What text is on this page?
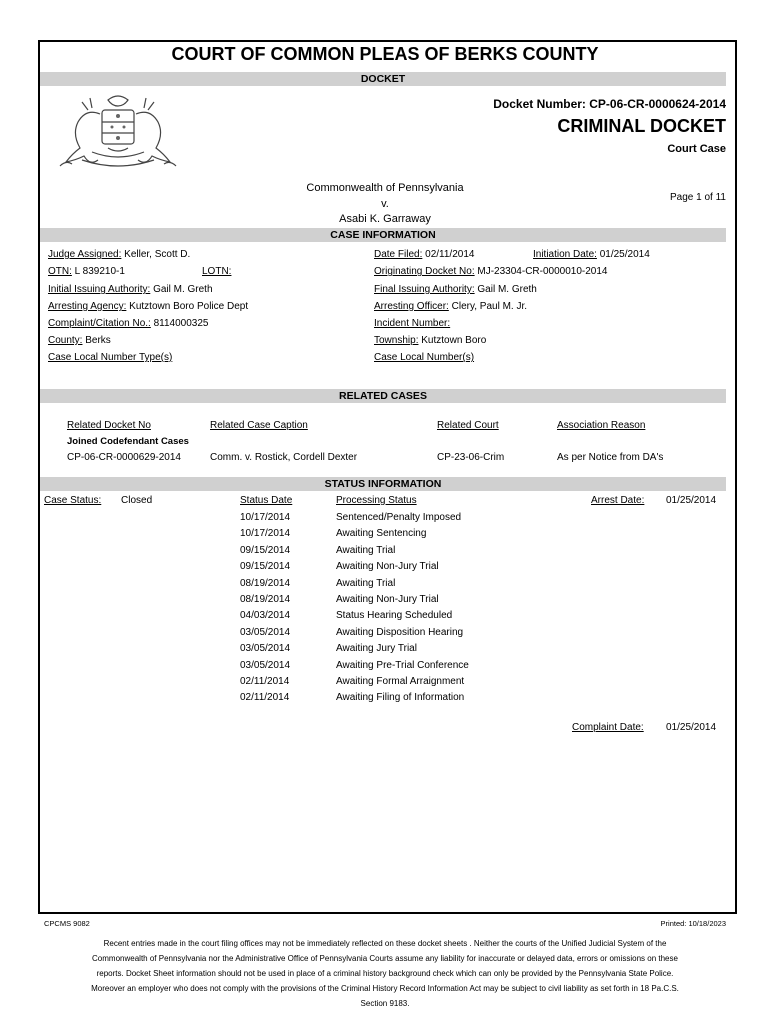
COURT OF COMMON PLEAS OF BERKS COUNTY
DOCKET
Docket Number: CP-06-CR-0000624-2014
CRIMINAL DOCKET
Court Case
Commonwealth of Pennsylvania
v.
Asabi K. Garraway
Page 1 of 11
CASE INFORMATION
Judge Assigned: Keller, Scott D.	Date Filed: 02/11/2014	Initiation Date: 01/25/2014
OTN: L 839210-1	LOTN:	Originating Docket No: MJ-23304-CR-0000010-2014
Initial Issuing Authority: Gail M. Greth	Final Issuing Authority: Gail M. Greth
Arresting Agency: Kutztown Boro Police Dept	Arresting Officer: Clery, Paul M. Jr.
Complaint/Citation No.: 8114000325	Incident Number:
County: Berks	Township: Kutztown Boro
Case Local Number Type(s)	Case Local Number(s)
RELATED CASES
Related Docket No	Related Case Caption	Related Court	Association Reason
Joined Codefendant Cases
CP-06-CR-0000629-2014	Comm. v. Rostick, Cordell Dexter	CP-23-06-Crim	As per Notice from DA's
STATUS INFORMATION
Case Status: Closed	Status Date	Processing Status	Arrest Date: 01/25/2014
10/17/2014	Sentenced/Penalty Imposed
10/17/2014	Awaiting Sentencing
09/15/2014	Awaiting Trial
09/15/2014	Awaiting Non-Jury Trial
08/19/2014	Awaiting Trial
08/19/2014	Awaiting Non-Jury Trial
04/03/2014	Status Hearing Scheduled
03/05/2014	Awaiting Disposition Hearing
03/05/2014	Awaiting Jury Trial
03/05/2014	Awaiting Pre-Trial Conference
02/11/2014	Awaiting Formal Arraignment
02/11/2014	Awaiting Filing of Information
Complaint Date: 01/25/2014
CPCMS 9082	Printed: 10/18/2023
Recent entries made in the court filing offices may not be immediately reflected on these docket sheets . Neither the courts of the Unified Judicial System of the Commonwealth of Pennsylvania nor the Administrative Office of Pennsylvania Courts assume any liability for inaccurate or delayed data, errors or omissions on these reports. Docket Sheet information should not be used in place of a criminal history background check which can only be provided by the Pennsylvania State Police. Moreover an employer who does not comply with the provisions of the Criminal History Record Information Act may be subject to civil liability as set forth in 18 Pa.C.S. Section 9183.
